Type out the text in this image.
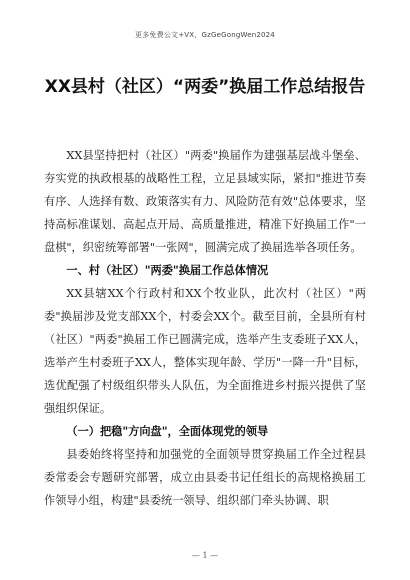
更多免费公文+VX，GzGeGongWen2024
XX县村（社区）“两委”换届工作总结报告

XX县坚持把村（社区）"两委"换届作为建强基层战斗堡垒、夯实党的执政根基的战略性工程，立足县域实际，紧扣"推进节奏有序、人选择有数、政策落实有力、风险防范有效"总体要求，坚持高标准谋划、高起点开局、高质量推进，精准下好换届工作"一盘棋"，织密统筹部署"一张网"，圆满完成了换届选举各项任务。

一、村（社区）"两委"换届工作总体情况

XX县辖XX个行政村和XX个牧业队，此次村（社区）"两委"换届涉及党支部XX个，村委会XX个。截至目前，全县所有村（社区）"两委"换届工作已圆满完成，选举产生支委班子XX人，选举产生村委班子XX人，整体实现年龄、学历"一降一升"目标，选优配强了村级组织带头人队伍，为全面推进乡村振兴提供了坚强组织保证。

（一）把稳"方向盘"，全面体现党的领导

县委始终将坚持和加强党的全面领导贯穿换届工作全过程县委常委会专题研究部署，成立由县委书记任组长的高规格换届工作领导小组，构建"县委统一领导、组织部门牵头协调、职

— 1 —
